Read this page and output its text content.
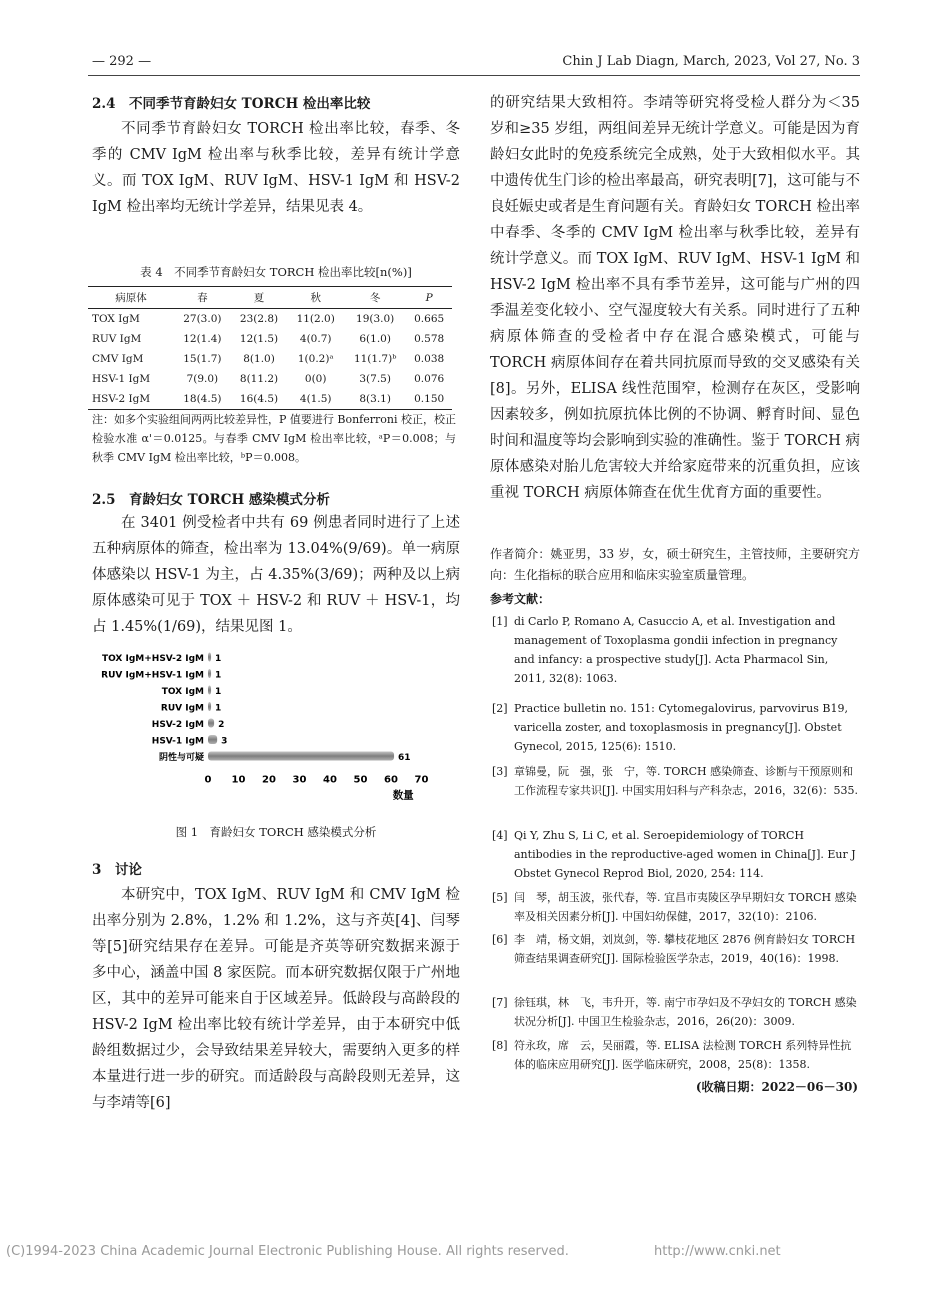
— 292 —	Chin J Lab Diagn, March, 2023, Vol 27, No. 3
2.4　不同季节育龄妇女 TORCH 检出率比较

不同季节育龄妇女 TORCH 检出率比较，春季、冬季的 CMV IgM 检出率与秋季比较，差异有统计学意义。而 TOX IgM、RUV IgM、HSV-1 IgM 和 HSV-2 IgM 检出率均无统计学差异，结果见表 4。

表 4　不同季节育龄妇女 TORCH 检出率比较[n(%)]
病原体	春	夏	秋	冬	P
TOX IgM	27(3.0)	23(2.8)	11(2.0)	19(3.0)	0.665
RUV IgM	12(1.4)	12(1.5)	4(0.7)	6(1.0)	0.578
CMV IgM	15(1.7)	8(1.0)	1(0.2)ᵃ	11(1.7)ᵇ	0.038
HSV-1 IgM	7(9.0)	8(11.2)	0(0)	3(7.5)	0.076
HSV-2 IgM	18(4.5)	16(4.5)	4(1.5)	8(3.1)	0.150
注：如多个实验组间两两比较差异性，P 值要进行 Bonferroni 校正，校正检验水准 α'＝0.0125。与春季 CMV IgM 检出率比较，ᵃP＝0.008；与秋季 CMV IgM 检出率比较，ᵇP＝0.008。
2.5　育龄妇女 TORCH 感染模式分析

在 3401 例受检者中共有 69 例患者同时进行了上述五种病原体的筛查，检出率为 13.04%(9/69)。单一病原体感染以 HSV-1 为主，占 4.35%(3/69)；两种及以上病原体感染可见于 TOX ＋ HSV-2 和 RUV ＋ HSV-1，均占 1.45%(1/69)，结果见图 1。

TOX IgM+HSV-2 IgM
RUV IgM+HSV-1 IgM
TOX IgM
RUV IgM
HSV-2 IgM
HSV-1 IgM
阴性与可疑
1
1
1
1
2
3
61
0 10 20 30 40 50 60 70
数量
图 1　育龄妇女 TORCH 感染模式分析
3　讨论

本研究中，TOX IgM、RUV IgM 和 CMV IgM 检出率分别为 2.8%，1.2% 和 1.2%，这与齐英[4]、闫琴等[5]研究结果存在差异。可能是齐英等研究数据来源于多中心，涵盖中国 8 家医院。而本研究数据仅限于广州地区，其中的差异可能来自于区域差异。低龄段与高龄段的 HSV-2 IgM 检出率比较有统计学差异，由于本研究中低龄组数据过少，会导致结果差异较大，需要纳入更多的样本量进行进一步的研究。而适龄段与高龄段则无差异，这与李靖等[6]

的研究结果大致相符。李靖等研究将受检人群分为＜35 岁和≥35 岁组，两组间差异无统计学意义。可能是因为育龄妇女此时的免疫系统完全成熟，处于大致相似水平。其中遗传优生门诊的检出率最高，研究表明[7]，这可能与不良妊娠史或者是生育问题有关。育龄妇女 TORCH 检出率中春季、冬季的 CMV IgM 检出率与秋季比较，差异有统计学意义。而 TOX IgM、RUV IgM、HSV-1 IgM 和 HSV-2 IgM 检出率不具有季节差异，这可能与广州的四季温差变化较小、空气湿度较大有关系。同时进行了五种病原体筛查的受检者中存在混合感染模式，可能与 TORCH 病原体间存在着共同抗原而导致的交叉感染有关[8]。另外，ELISA 线性范围窄，检测存在灰区，受影响因素较多，例如抗原抗体比例的不协调、孵育时间、显色时间和温度等均会影响到实验的准确性。鉴于 TORCH 病原体感染对胎儿危害较大并给家庭带来的沉重负担，应该重视 TORCH 病原体筛查在优生优育方面的重要性。
作者简介：姚亚男，33 岁，女，硕士研究生，主管技师，主要研究方向：生化指标的联合应用和临床实验室质量管理。
参考文献：
[1] di Carlo P, Romano A, Casuccio A, et al. Investigation and management of Toxoplasma gondii infection in pregnancy and infancy: a prospective study[J]. Acta Pharmacol Sin, 2011, 32(8): 1063.
[2] Practice bulletin no. 151: Cytomegalovirus, parvovirus B19, varicella zoster, and toxoplasmosis in pregnancy[J]. Obstet Gynecol, 2015, 125(6): 1510.
[3] 章锦曼，阮　强，张　宁，等. TORCH 感染筛查、诊断与干预原则和工作流程专家共识[J]. 中国实用妇科与产科杂志，2016，32(6)：535.
[4] Qi Y, Zhu S, Li C, et al. Seroepidemiology of TORCH antibodies in the reproductive-aged women in China[J]. Eur J Obstet Gynecol Reprod Biol, 2020, 254: 114.
[5] 闫　琴，胡玉波，张代春，等. 宜昌市夷陵区孕早期妇女 TORCH 感染率及相关因素分析[J]. 中国妇幼保健，2017，32(10)：2106.
[6] 李　靖，杨文娟，刘岚剑，等. 攀枝花地区 2876 例育龄妇女 TORCH 筛查结果调查研究[J]. 国际检验医学杂志，2019，40(16)：1998.
[7] 徐钰琪，林　飞，韦升开，等. 南宁市孕妇及不孕妇女的 TORCH 感染状况分析[J]. 中国卫生检验杂志，2016，26(20)：3009.
[8] 符永玫，席　云，吴丽霞，等. ELISA 法检测 TORCH 系列特异性抗体的临床应用研究[J]. 医学临床研究，2008，25(8)：1358.
(收稿日期：2022－06－30)
(C)1994-2023 China Academic Journal Electronic Publishing House. All rights reserved.	http://www.cnki.net
